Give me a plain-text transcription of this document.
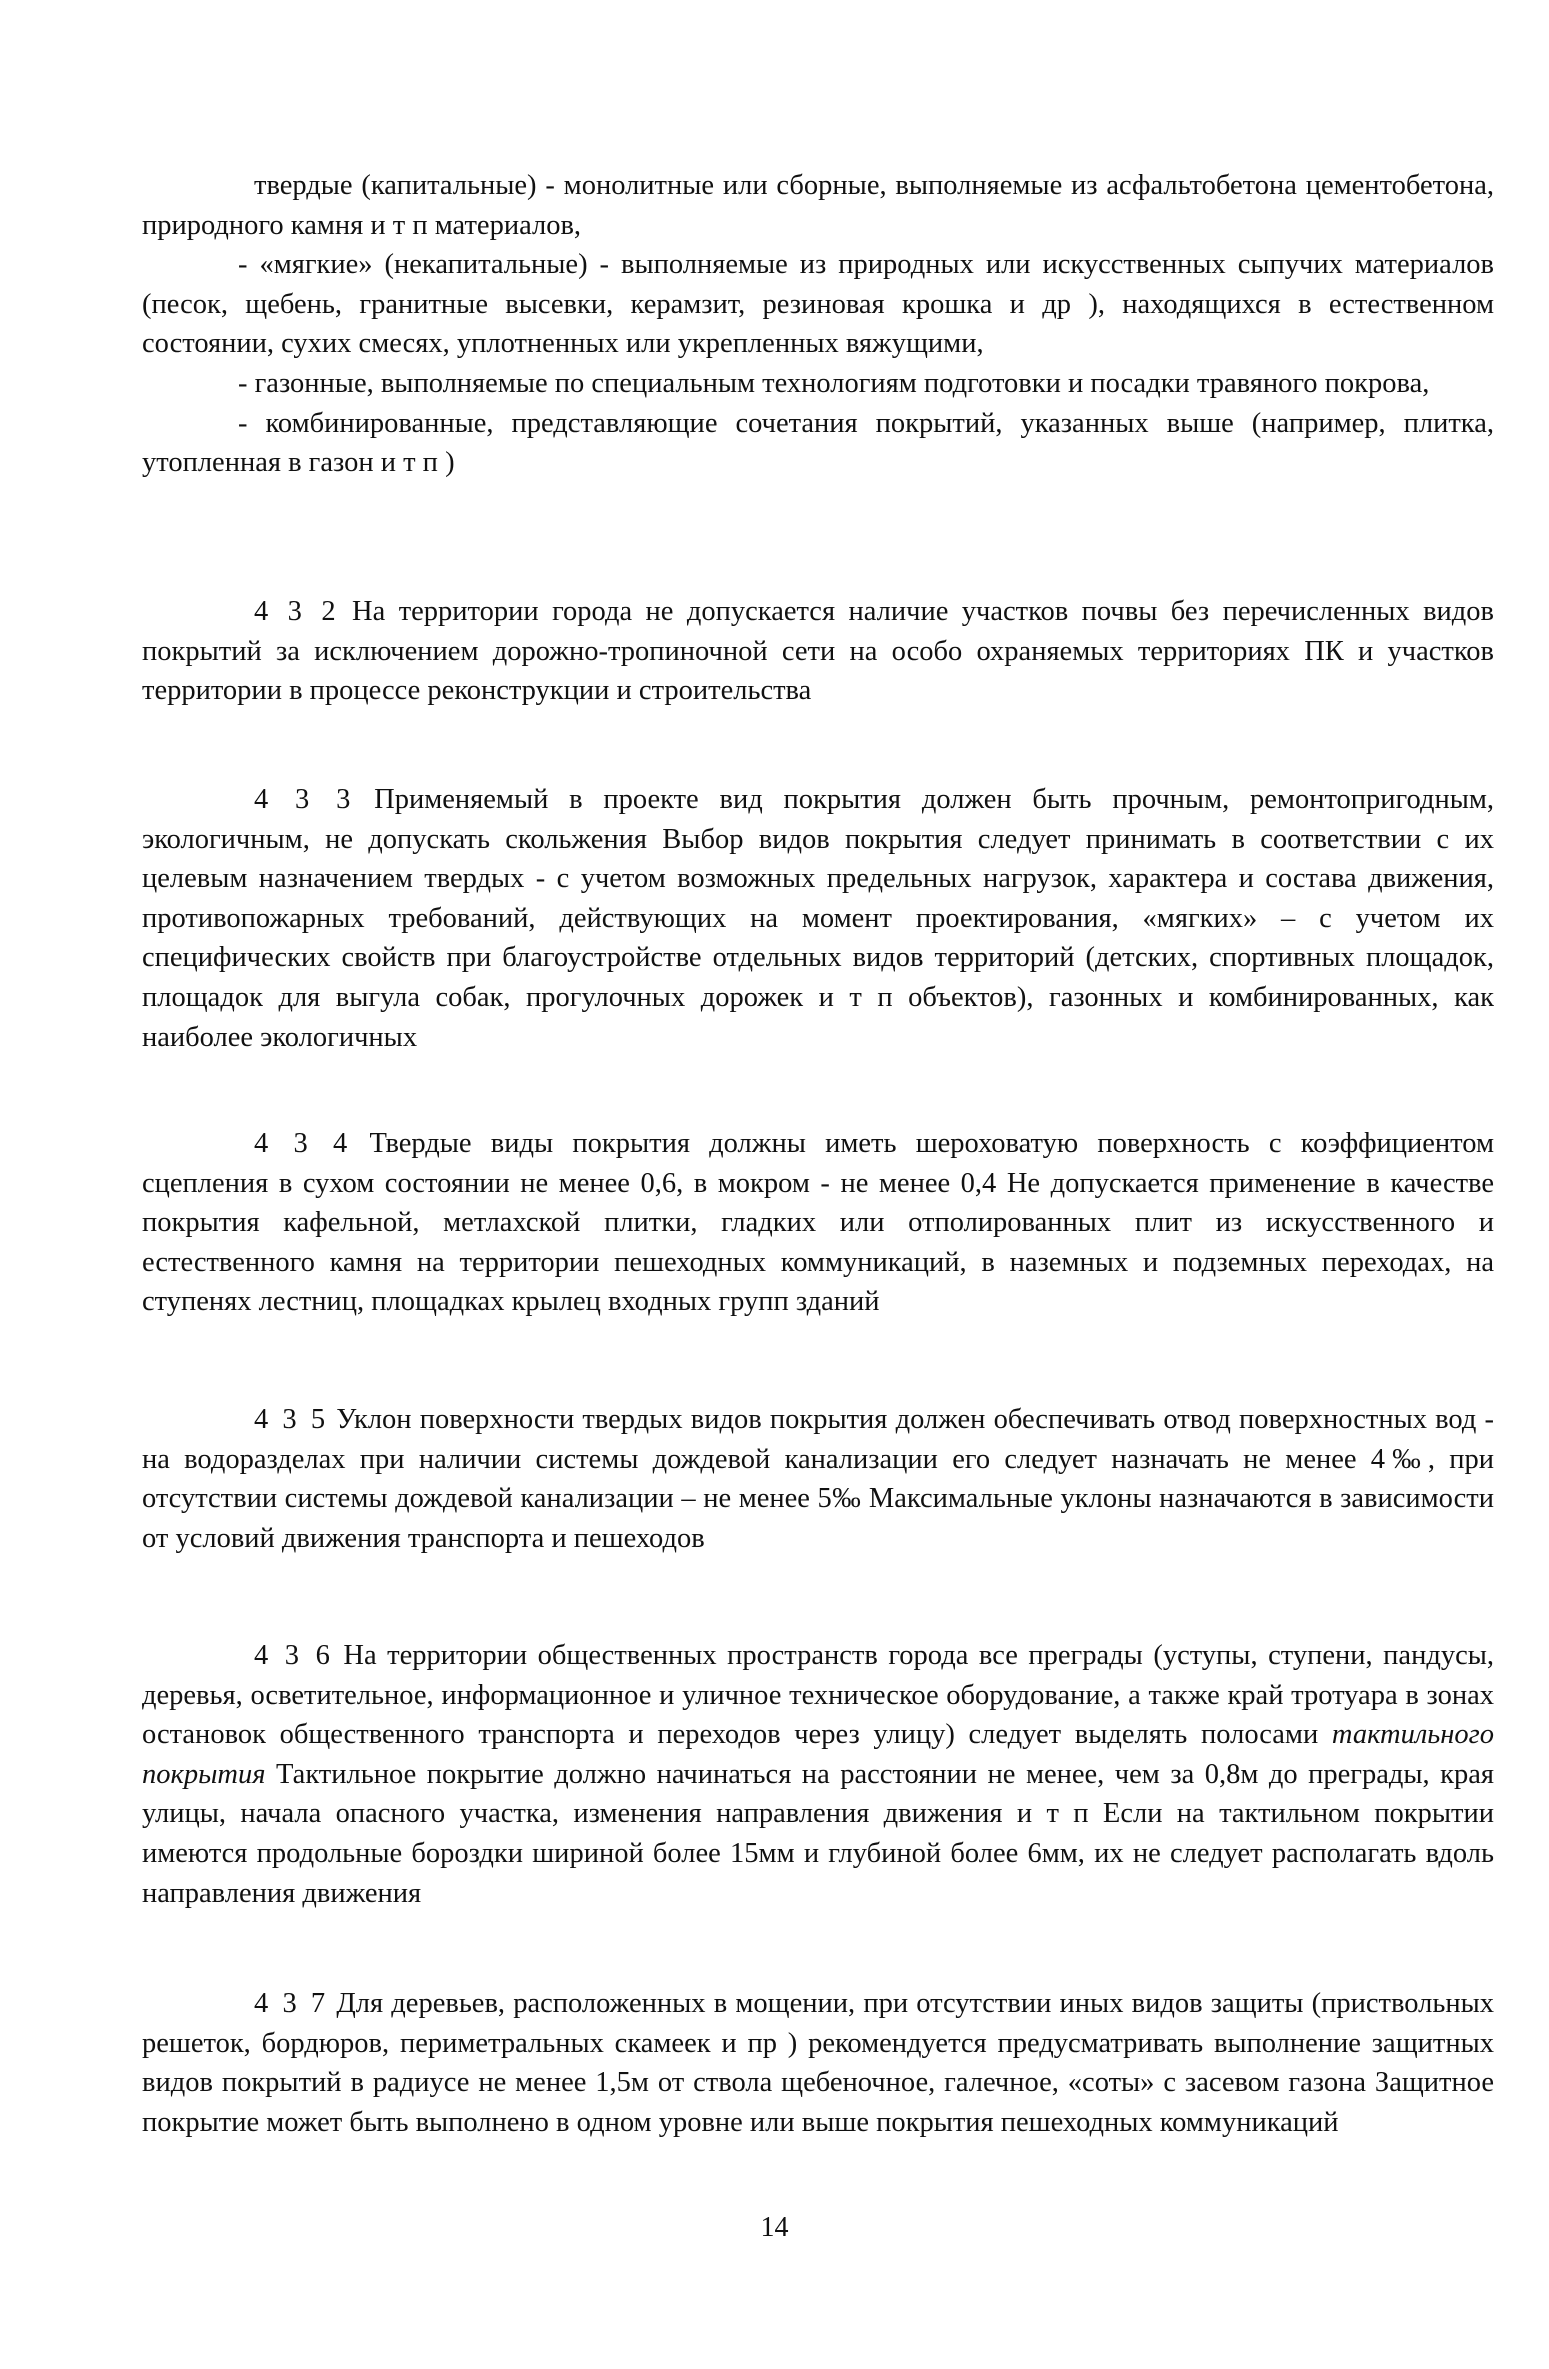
твердые (капитальные) - монолитные или сборные, выполняемые из асфальтобетона цементобетона, природного камня и т п материалов,

- «мягкие» (некапитальные) - выполняемые из природных или искусственных сыпучих материалов (песок, щебень, гранитные высевки, керамзит, резиновая крошка и др ), находящихся в естественном состоянии, сухих смесях, уплотненных или укрепленных вяжущими,

- газонные, выполняемые по специальным технологиям подготовки и посадки травяного покрова,

- комбинированные, представляющие сочетания покрытий, указанных выше (например, плитка, утопленная в газон и т п )

4 3 2 На территории города не допускается наличие участков почвы без перечисленных видов покрытий за исключением дорожно-тропиночной сети на особо охраняемых территориях ПК и участков территории в процессе реконструкции и строительства

4 3 3 Применяемый в проекте вид покрытия должен быть прочным, ремонтопригодным, экологичным, не допускать скольжения Выбор видов покрытия следует принимать в соответствии с их целевым назначением твердых - с учетом возможных предельных нагрузок, характера и состава движения, противопожарных требований, действующих на момент проектирования, «мягких» – с учетом их специфических свойств при благоустройстве отдельных видов территорий (детских, спортивных площадок, площадок для выгула собак, прогулочных дорожек и т п объектов), газонных и комбинированных, как наиболее экологичных

4 3 4 Твердые виды покрытия должны иметь шероховатую поверхность с коэффициентом сцепления в сухом состоянии не менее 0,6, в мокром - не менее 0,4 Не допускается применение в качестве покрытия кафельной, метлахской плитки, гладких или отполированных плит из искусственного и естественного камня на территории пешеходных коммуникаций, в наземных и подземных переходах, на ступенях лестниц, площадках крылец входных групп зданий

4 3 5 Уклон поверхности твердых видов покрытия должен обеспечивать отвод поверхностных вод - на водоразделах при наличии системы дождевой канализации его следует назначать не менее 4‰, при отсутствии системы дождевой канализации – не менее 5‰ Максимальные уклоны назначаются в зависимости от условий движения транспорта и пешеходов

4 3 6 На территории общественных пространств города все преграды (уступы, ступени, пандусы, деревья, осветительное, информационное и уличное техническое оборудование, а также край тротуара в зонах остановок общественного транспорта и переходов через улицу) следует выделять полосами тактильного покрытия Тактильное покрытие должно начинаться на расстоянии не менее, чем за 0,8м до преграды, края улицы, начала опасного участка, изменения направления движения и т п Если на тактильном покрытии имеются продольные бороздки шириной более 15мм и глубиной более 6мм, их не следует располагать вдоль направления движения

4 3 7 Для деревьев, расположенных в мощении, при отсутствии иных видов защиты (приствольных решеток, бордюров, периметральных скамеек и пр ) рекомендуется предусматривать выполнение защитных видов покрытий в радиусе не менее 1,5м от ствола щебеночное, галечное, «соты» с засевом газона Защитное покрытие может быть выполнено в одном уровне или выше покрытия пешеходных коммуникаций

14
